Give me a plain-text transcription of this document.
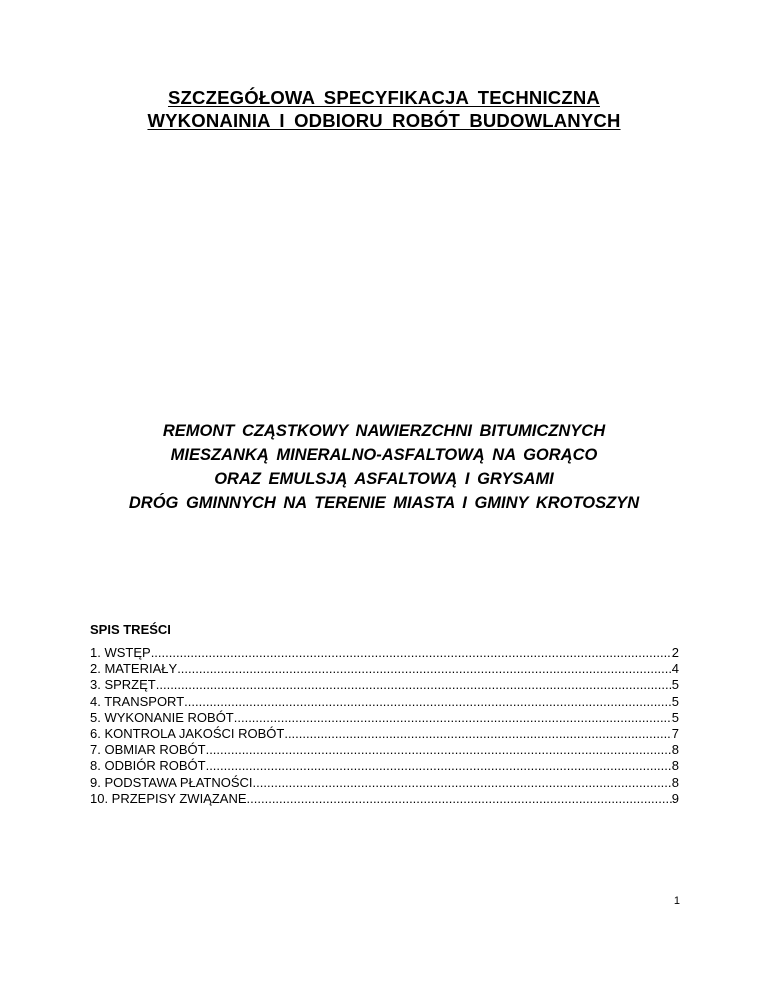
SZCZEGÓŁOWA SPECYFIKACJA TECHNICZNA
WYKONAINIA I ODBIORU ROBÓT BUDOWLANYCH
REMONT CZĄSTKOWY NAWIERZCHNI BITUMICZNYCH
MIESZANKĄ MINERALNO-ASFALTOWĄ NA GORĄCO
ORAZ EMULSJĄ ASFALTOWĄ I GRYSAMI
DRÓG GMINNYCH NA TERENIE MIASTA I GMINY KROTOSZYN
SPIS TREŚCI
1. WSTĘP .....	2
2. MATERIAŁY .....	4
3. SPRZĘT .....	5
4. TRANSPORT .....	5
5. WYKONANIE ROBÓT .....	5
6. KONTROLA JAKOŚCI ROBÓT .....	7
7. OBMIAR ROBÓT .....	8
8. ODBIÓR ROBÓT .....	8
9. PODSTAWA PŁATNOŚCI .....	8
10. PRZEPISY ZWIĄZANE .....	9
1
